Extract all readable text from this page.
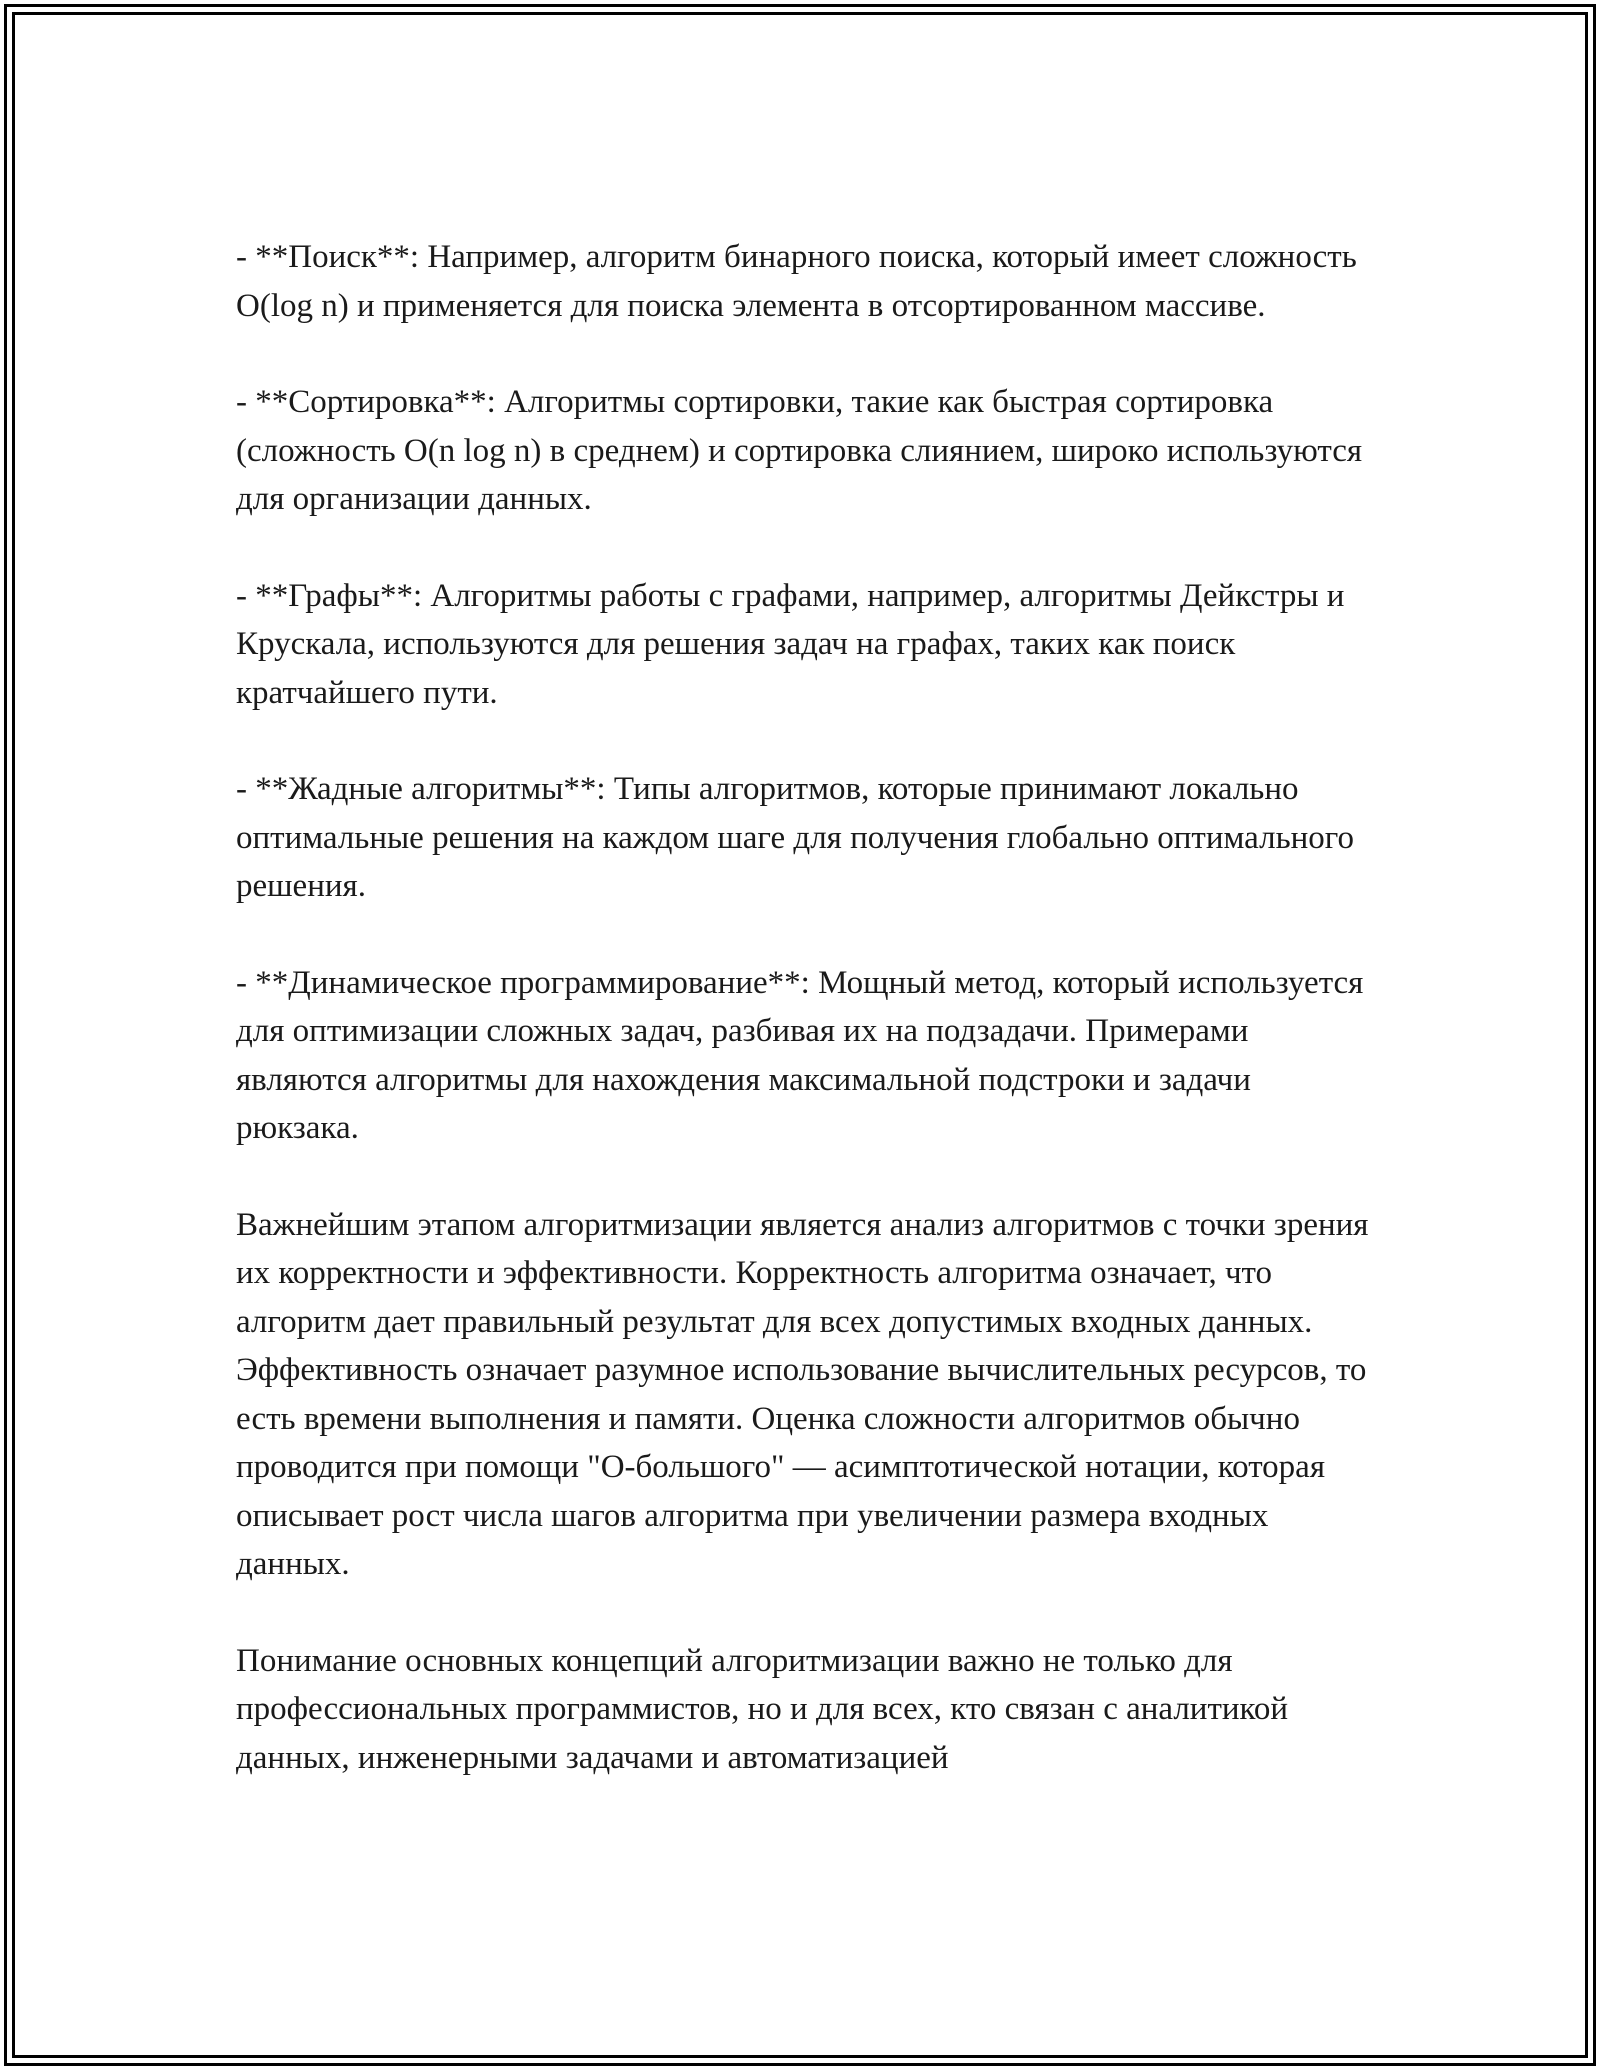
- **Поиск**: Например, алгоритм бинарного поиска, который имеет сложность O(log n) и применяется для поиска элемента в отсортированном массиве.

- **Сортировка**: Алгоритмы сортировки, такие как быстрая сортировка (сложность O(n log n) в среднем) и сортировка слиянием, широко используются для организации данных.

- **Графы**: Алгоритмы работы с графами, например, алгоритмы Дейкстры и Крускала, используются для решения задач на графах, таких как поиск кратчайшего пути.

- **Жадные алгоритмы**: Типы алгоритмов, которые принимают локально оптимальные решения на каждом шаге для получения глобально оптимального решения.

- **Динамическое программирование**: Мощный метод, который используется для оптимизации сложных задач, разбивая их на подзадачи. Примерами являются алгоритмы для нахождения максимальной подстроки и задачи рюкзака.

Важнейшим этапом алгоритмизации является анализ алгоритмов с точки зрения их корректности и эффективности. Корректность алгоритма означает, что алгоритм дает правильный результат для всех допустимых входных данных. Эффективность означает разумное использование вычислительных ресурсов, то есть времени выполнения и памяти. Оценка сложности алгоритмов обычно проводится при помощи "О-большого" — асимптотической нотации, которая описывает рост числа шагов алгоритма при увеличении размера входных данных.

Понимание основных концепций алгоритмизации важно не только для профессиональных программистов, но и для всех, кто связан с аналитикой данных, инженерными задачами и автоматизацией
